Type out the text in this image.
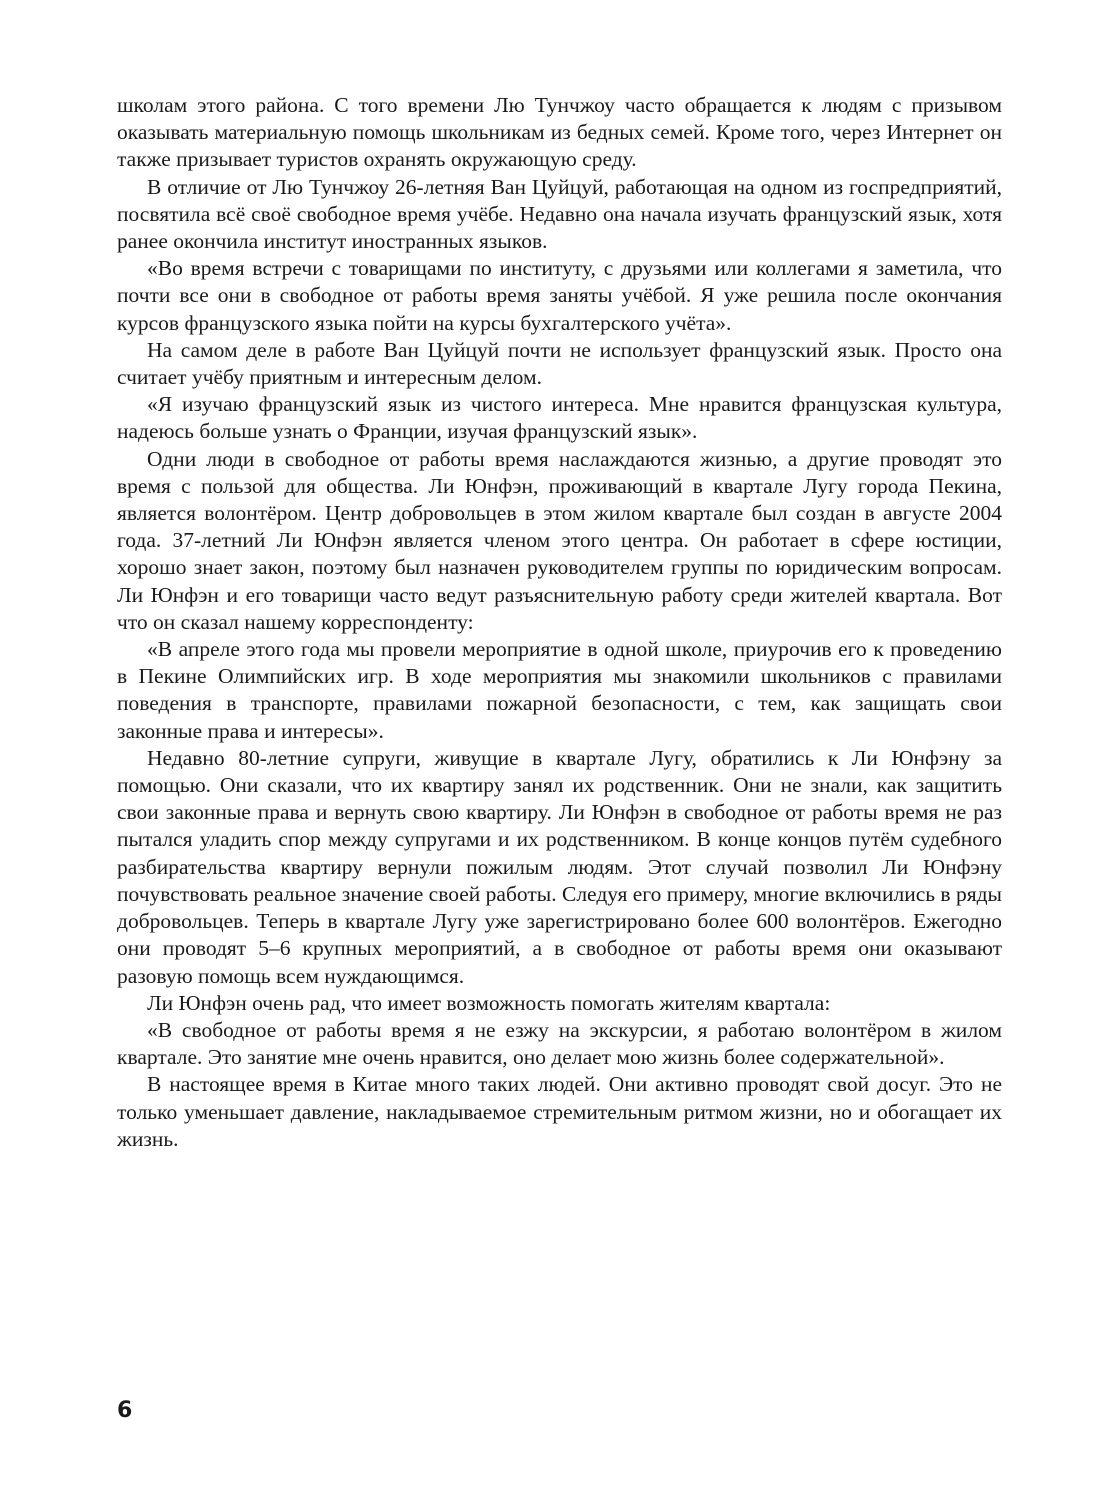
школам этого района. С того времени Лю Тунчжоу часто обращается к людям с призывом оказывать материальную помощь школьникам из бедных семей. Кроме того, через Интернет он также призывает туристов охранять окружающую среду.

В отличие от Лю Тунчжоу 26-летняя Ван Цуйцуй, работающая на одном из госпредприятий, посвятила всё своё свободное время учёбе. Недавно она начала изучать французский язык, хотя ранее окончила институт иностранных языков.

«Во время встречи с товарищами по институту, с друзьями или коллегами я заметила, что почти все они в свободное от работы время заняты учёбой. Я уже решила после окончания курсов французского языка пойти на курсы бухгалтерского учёта».

На самом деле в работе Ван Цуйцуй почти не использует французский язык. Просто она считает учёбу приятным и интересным делом.

«Я изучаю французский язык из чистого интереса. Мне нравится французская культура, надеюсь больше узнать о Франции, изучая французский язык».

Одни люди в свободное от работы время наслаждаются жизнью, а другие проводят это время с пользой для общества. Ли Юнфэн, проживающий в квартале Лугу города Пекина, является волонтёром. Центр добровольцев в этом жилом квартале был создан в августе 2004 года. 37-летний Ли Юнфэн является членом этого центра. Он работает в сфере юстиции, хорошо знает закон, поэтому был назначен руководителем группы по юридическим вопросам. Ли Юнфэн и его товарищи часто ведут разъяснительную работу среди жителей квартала. Вот что он сказал нашему корреспонденту:

«В апреле этого года мы провели мероприятие в одной школе, приурочив его к проведению в Пекине Олимпийских игр. В ходе мероприятия мы знакомили школьников с правилами поведения в транспорте, правилами пожарной безопасности, с тем, как защищать свои законные права и интересы».

Недавно 80-летние супруги, живущие в квартале Лугу, обратились к Ли Юнфэну за помощью. Они сказали, что их квартиру занял их родственник. Они не знали, как защитить свои законные права и вернуть свою квартиру. Ли Юнфэн в свободное от работы время не раз пытался уладить спор между супругами и их родственником. В конце концов путём судебного разбирательства квартиру вернули пожилым людям. Этот случай позволил Ли Юнфэну почувствовать реальное значение своей работы. Следуя его примеру, многие включились в ряды добровольцев. Теперь в квартале Лугу уже зарегистрировано более 600 волонтёров. Ежегодно они проводят 5–6 крупных мероприятий, а в свободное от работы время они оказывают разовую помощь всем нуждающимся.

Ли Юнфэн очень рад, что имеет возможность помогать жителям квартала:

«В свободное от работы время я не езжу на экскурсии, я работаю волонтёром в жилом квартале. Это занятие мне очень нравится, оно делает мою жизнь более содержательной».

В настоящее время в Китае много таких людей. Они активно проводят свой досуг. Это не только уменьшает давление, накладываемое стремительным ритмом жизни, но и обогащает их жизнь.

6
